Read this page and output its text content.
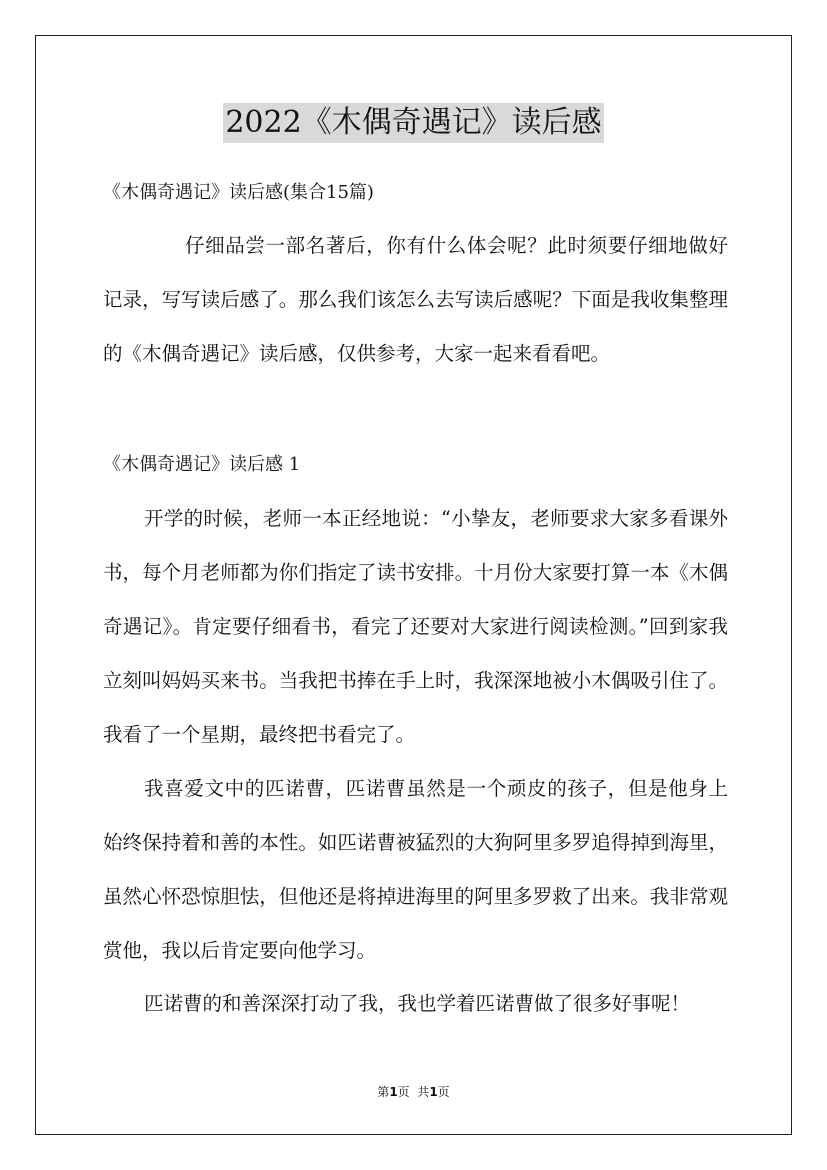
2022《木偶奇遇记》读后感
《木偶奇遇记》读后感(集合15篇)
仔细品尝一部名著后，你有什么体会呢？此时须要仔细地做好记录，写写读后感了。那么我们该怎么去写读后感呢？下面是我收集整理的《木偶奇遇记》读后感，仅供参考，大家一起来看看吧。
《木偶奇遇记》读后感 1
开学的时候，老师一本正经地说：“小挚友，老师要求大家多看课外书，每个月老师都为你们指定了读书安排。十月份大家要打算一本《木偶奇遇记》。肯定要仔细看书，看完了还要对大家进行阅读检测。”回到家我立刻叫妈妈买来书。当我把书捧在手上时，我深深地被小木偶吸引住了。我看了一个星期，最终把书看完了。
我喜爱文中的匹诺曹，匹诺曹虽然是一个顽皮的孩子，但是他身上始终保持着和善的本性。如匹诺曹被猛烈的大狗阿里多罗追得掉到海里，虽然心怀恐惊胆怯，但他还是将掉进海里的阿里多罗救了出来。我非常观赏他，我以后肯定要向他学习。
匹诺曹的和善深深打动了我，我也学着匹诺曹做了很多好事呢！
第1页  共1页
